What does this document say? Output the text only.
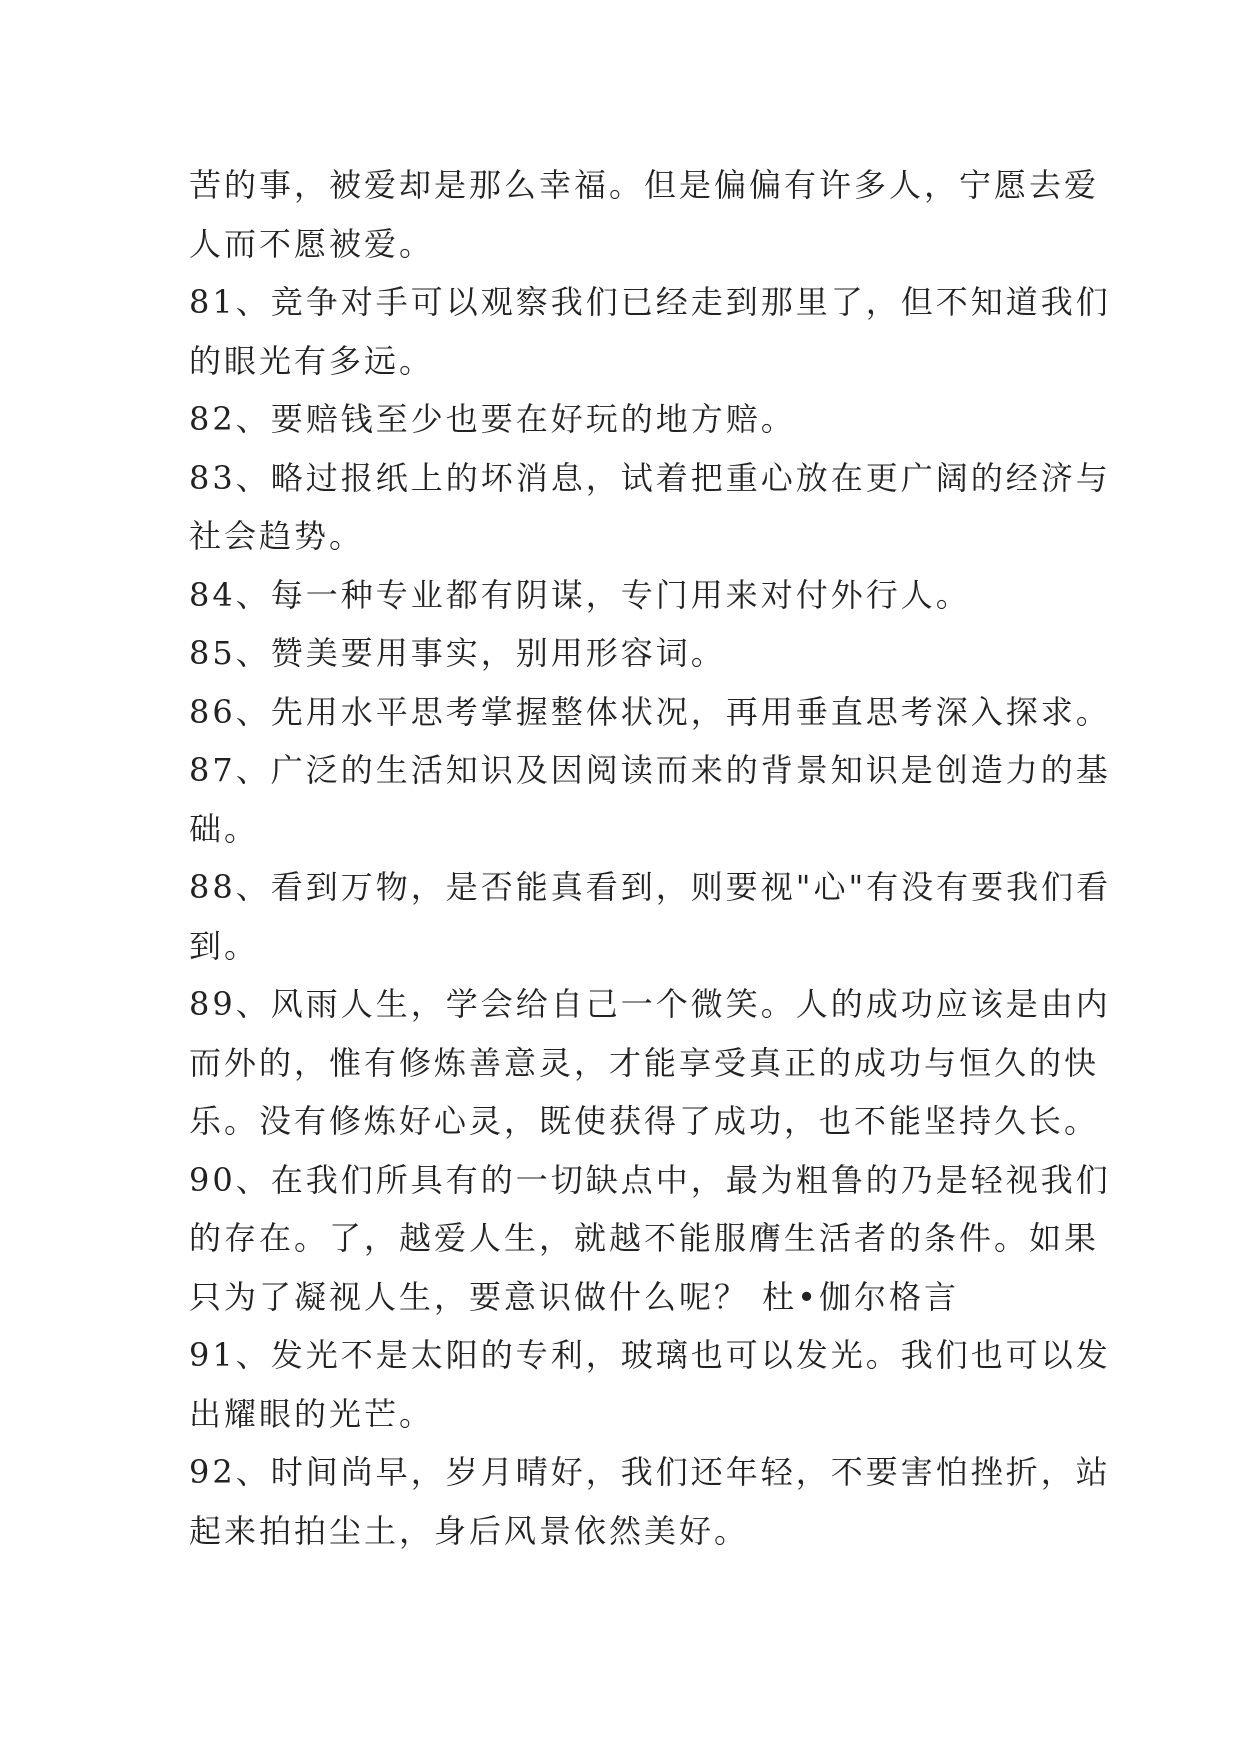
苦的事，被爱却是那么幸福。但是偏偏有许多人，宁愿去爱
人而不愿被爱。
81、竞争对手可以观察我们已经走到那里了，但不知道我们
的眼光有多远。
82、要赔钱至少也要在好玩的地方赔。
83、略过报纸上的坏消息，试着把重心放在更广阔的经济与
社会趋势。
84、每一种专业都有阴谋，专门用来对付外行人。
85、赞美要用事实，别用形容词。
86、先用水平思考掌握整体状况，再用垂直思考深入探求。
87、广泛的生活知识及因阅读而来的背景知识是创造力的基
础。
88、看到万物，是否能真看到，则要视"心"有没有要我们看
到。
89、风雨人生，学会给自己一个微笑。人的成功应该是由内
而外的，惟有修炼善意灵，才能享受真正的成功与恒久的快
乐。没有修炼好心灵，既使获得了成功，也不能坚持久长。
90、在我们所具有的一切缺点中，最为粗鲁的乃是轻视我们
的存在。了，越爱人生，就越不能服膺生活者的条件。如果
只为了凝视人生，要意识做什么呢？ 杜•伽尔格言
91、发光不是太阳的专利，玻璃也可以发光。我们也可以发
出耀眼的光芒。
92、时间尚早，岁月晴好，我们还年轻，不要害怕挫折，站
起来拍拍尘土，身后风景依然美好。
